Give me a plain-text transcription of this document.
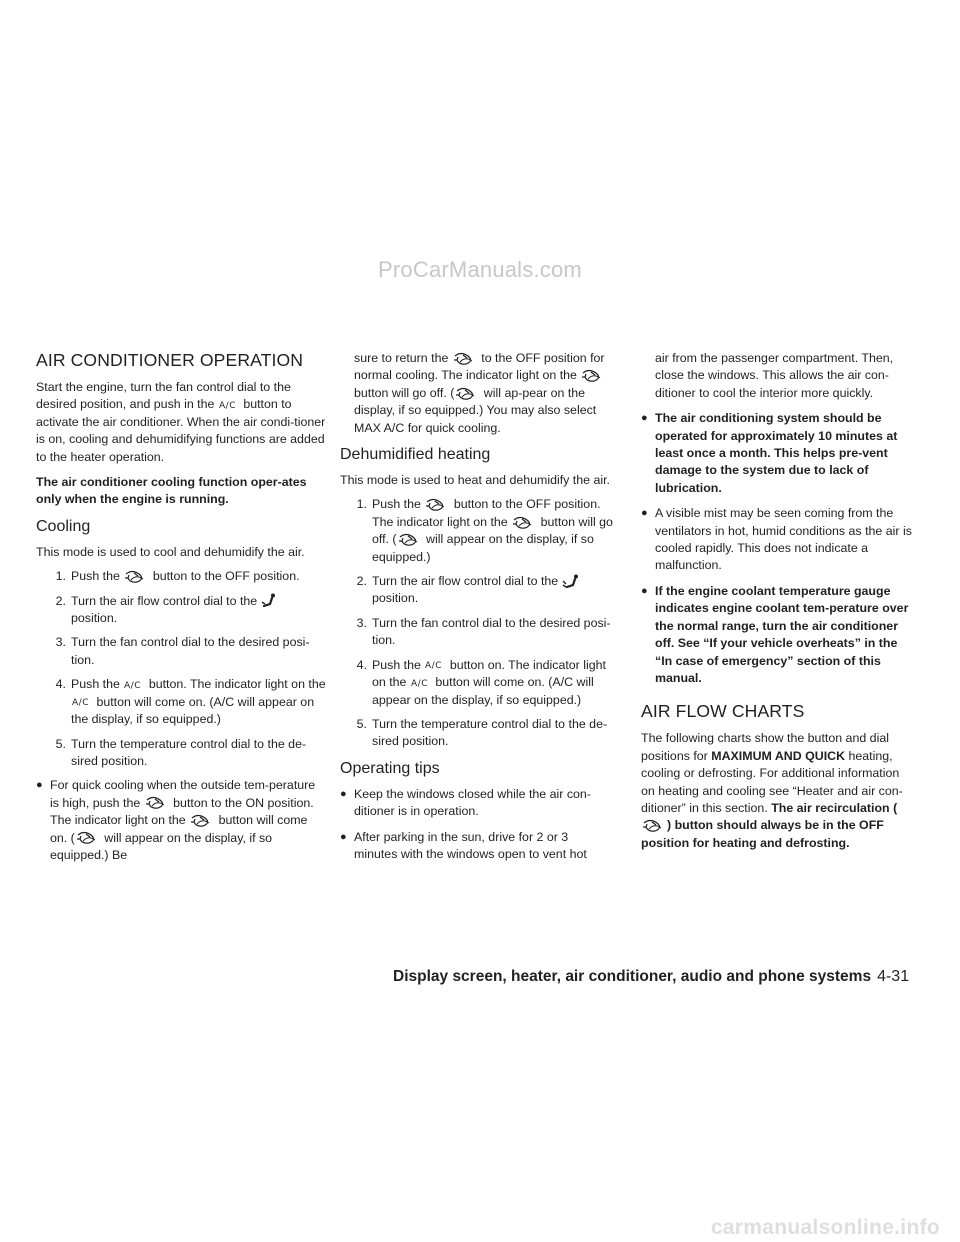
ProCarManuals.com
AIR CONDITIONER OPERATION

Start the engine, turn the fan control dial to the desired position, and push in the A/C button to activate the air conditioner. When the air condi-tioner is on, cooling and dehumidifying functions are added to the heater operation.

The air conditioner cooling function oper-ates only when the engine is running.

Cooling
This mode is used to cool and dehumidify the air.
1. Push the	button to the OFF position.
2. Turn the air flow control dial to the

position.
3. Turn the fan control dial to the desired posi-tion.
4. Push the A/C button. The indicator light on the
A/C button will come on. (A/C will appear on the display, if so equipped.)
5. Turn the temperature control dial to the de-sired position.
● For quick cooling when the outside tem-perature is high, push the	button to the ON position. The indicator light on the	button will come on. ( will appear on the display, if so equipped.) Be

sure to return the	to the OFF position for normal cooling. The indicator light on the
button will go off. ( will ap-pear on the display, if so equipped.) You may also select MAX A/C for quick cooling.

Dehumidified heating
This mode is used to heat and dehumidify the air.
1. Push the	button to the OFF position. The indicator light on the	button will go off. ( will appear on the display, if so equipped.)
2. Turn the air flow control dial to the

position.
3. Turn the fan control dial to the desired posi-tion.
4. Push the A/C button on. The indicator light on the A/C button will come on. (A/C will appear on the display, if so equipped.)
5. Turn the temperature control dial to the de-sired position.
Operating tips
● Keep the windows closed while the air con-ditioner is in operation.
● After parking in the sun, drive for 2 or 3 minutes with the windows open to vent hot

air from the passenger compartment. Then, close the windows. This allows the air con-ditioner to cool the interior more quickly.

● The air conditioning system should be operated for approximately 10 minutes at least once a month. This helps pre-vent damage to the system due to lack of lubrication.
● A visible mist may be seen coming from the ventilators in hot, humid conditions as the air is cooled rapidly. This does not indicate a malfunction.
● If the engine coolant temperature gauge indicates engine coolant tem-perature over the normal range, turn the air conditioner off. See “If your vehicle overheats” in the “In case of emergency” section of this manual.
AIR FLOW CHARTS

The following charts show the button and dial positions for MAXIMUM AND QUICK heating, cooling or defrosting. For additional information on heating and cooling see “Heater and air con-ditioner” in this section. The air recirculation (
) button should always be in the OFF position for heating and defrosting.

Display screen, heater, air conditioner, audio and phone systems 4-31
carmanualsonline.info
